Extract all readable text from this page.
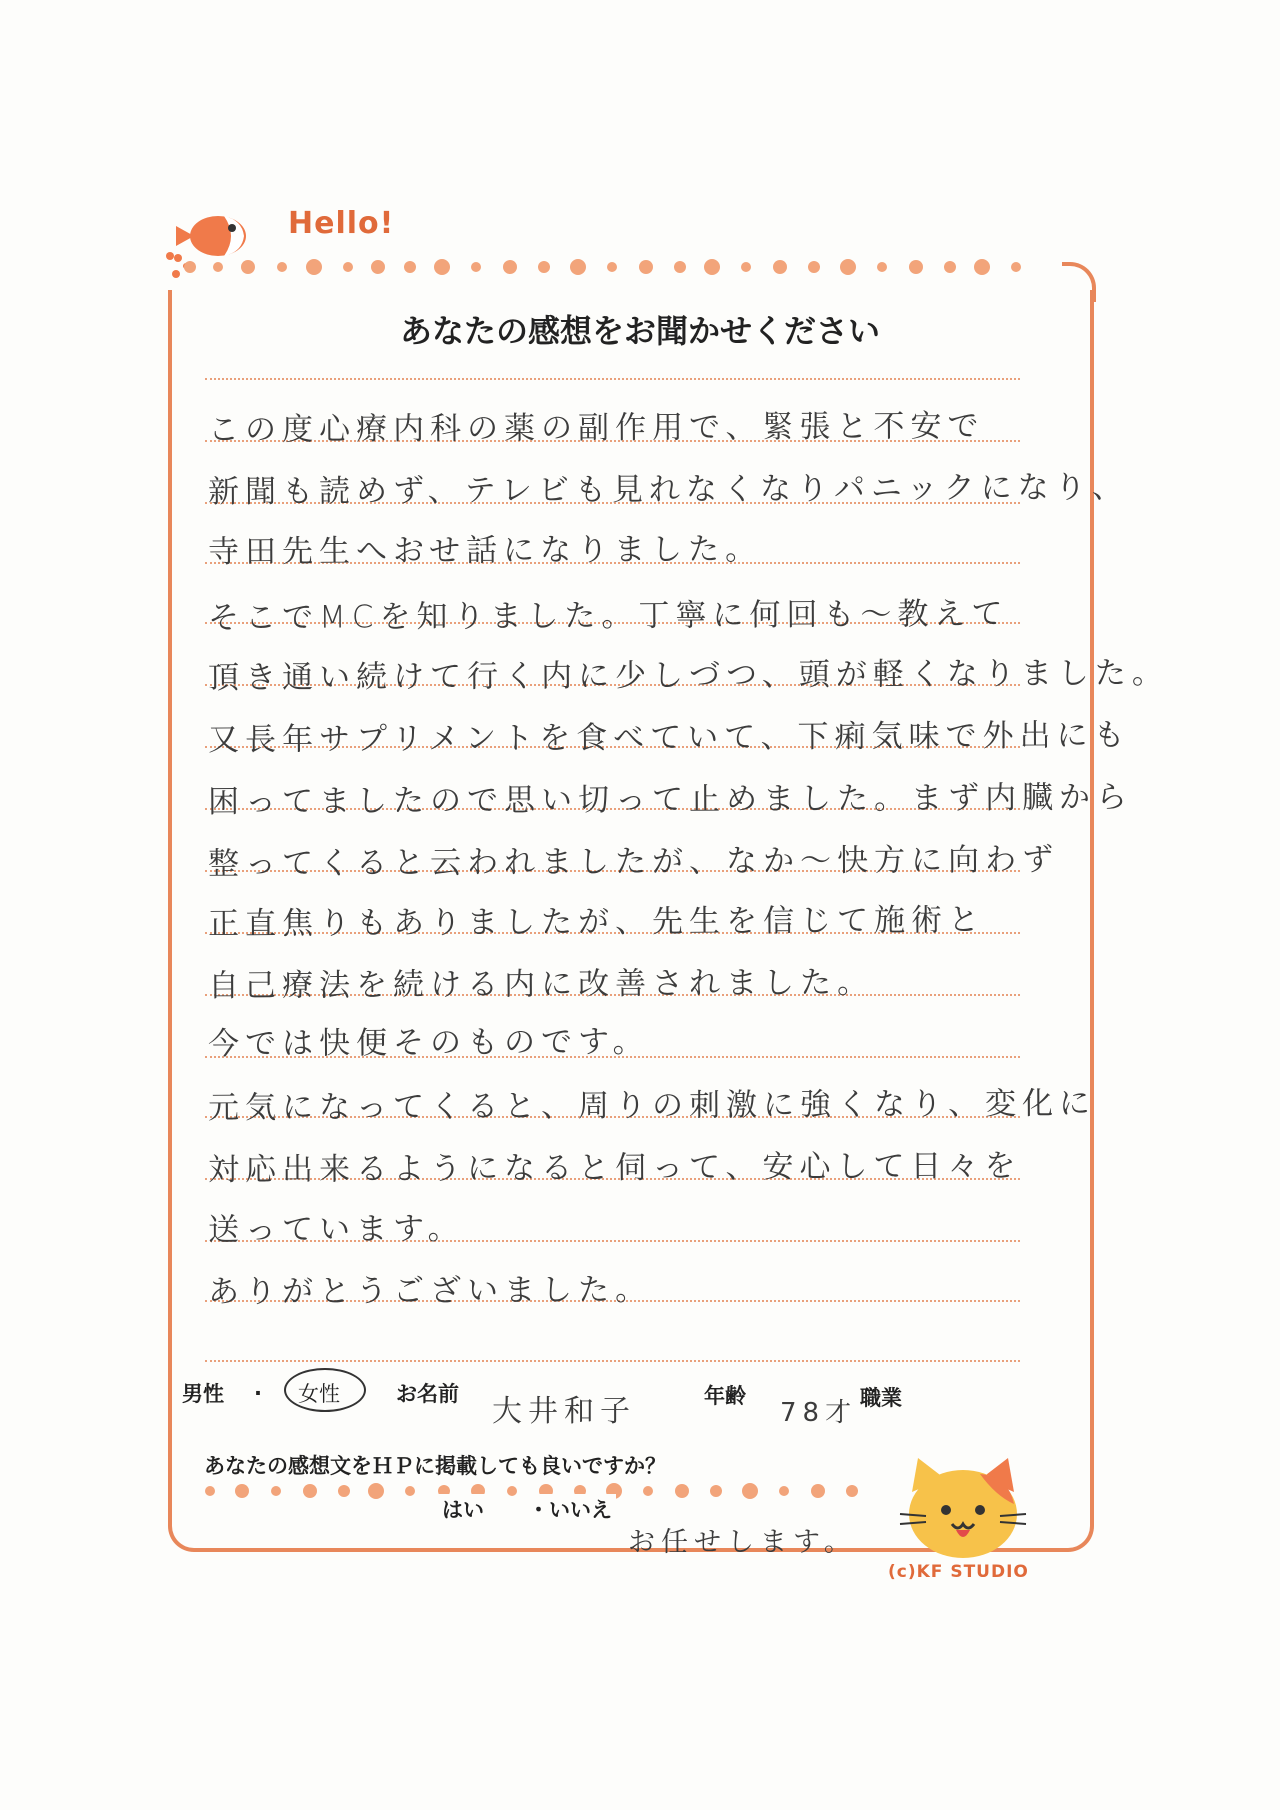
Hello!
あなたの感想をお聞かせください
この度心療内科の薬の副作用で、緊張と不安で
新聞も読めず、テレビも見れなくなりパニックになり、
寺田先生へおせ話になりました。
そこでMCを知りました。丁寧に何回も〜教えて
頂き通い続けて行く内に少しづつ、頭が軽くなりました。
又長年サプリメントを食べていて、下痢気味で外出にも
困ってましたので思い切って止めました。まず内臓から
整ってくると云われましたが、なか〜快方に向わず
正直焦りもありましたが、先生を信じて施術と
自己療法を続ける内に改善されました。
今では快便そのものです。
元気になってくると、周りの刺激に強くなり、変化に
対応出来るようになると伺って、安心して日々を
送っています。
ありがとうございました。
男性 . 女性	お名前 大井和子	年齢
78才 職業
あなたの感想文をＨＰに掲載しても良いですか？
はい ・いいえ
お任せします。
(c)KF STUDIO
